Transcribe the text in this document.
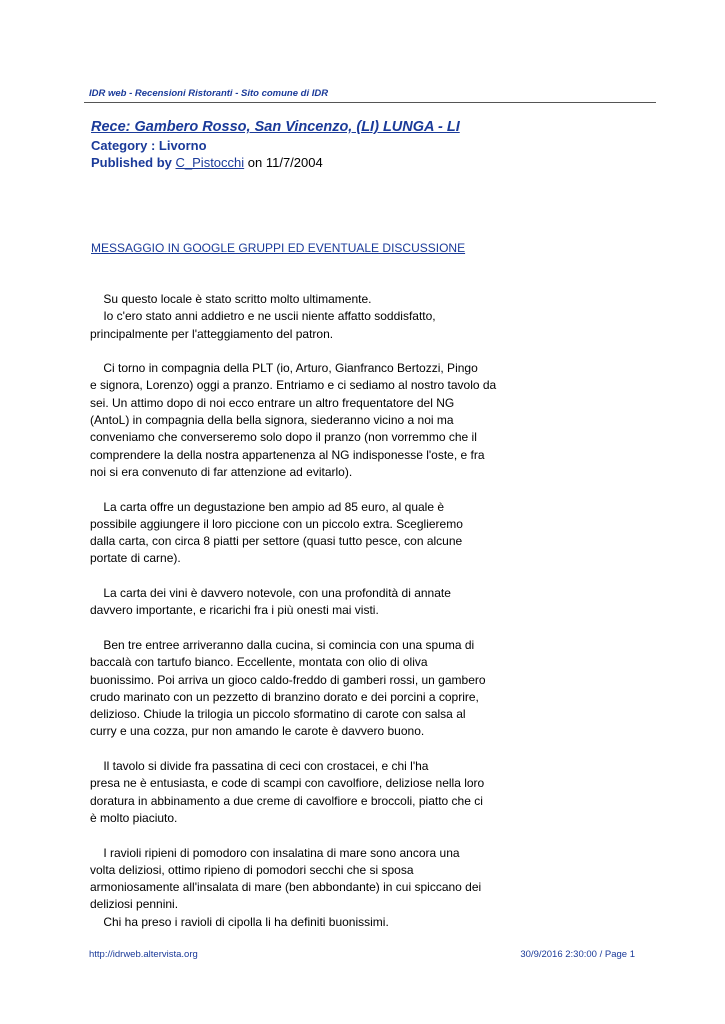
IDR web - Recensioni Ristoranti - Sito comune di IDR
Rece: Gambero Rosso, San Vincenzo, (LI) LUNGA - LI
Category : Livorno
Published by C_Pistocchi on 11/7/2004
MESSAGGIO IN GOOGLE GRUPPI ED EVENTUALE DISCUSSIONE
Su questo locale è stato scritto molto ultimamente.
Io c'ero stato anni addietro e ne uscii niente affatto soddisfatto,
principalmente per l'atteggiamento del patron.
Ci torno in compagnia della PLT (io, Arturo, Gianfranco Bertozzi, Pingo
e signora, Lorenzo) oggi a pranzo. Entriamo e ci sediamo al nostro tavolo da
sei. Un attimo dopo di noi ecco entrare un altro frequentatore del NG
(AntoL) in compagnia della bella signora, siederanno vicino a noi ma
conveniamo che converseremo solo dopo il pranzo (non vorremmo che il
comprendere la della nostra appartenenza al NG indisponesse l'oste, e fra
noi si era convenuto di far attenzione ad evitarlo).
La carta offre un degustazione ben ampio ad 85 euro, al quale è
possibile aggiungere il loro piccione con un piccolo extra. Sceglieremo
dalla carta, con circa 8 piatti per settore (quasi tutto pesce, con alcune
portate di carne).
La carta dei vini è davvero notevole, con una profondità di annate
davvero importante, e ricarichi fra i più onesti mai visti.
Ben tre entree arriveranno dalla cucina, si comincia con una spuma di
baccalà con tartufo bianco. Eccellente, montata con olio di oliva
buonissimo. Poi arriva un gioco caldo-freddo di gamberi rossi, un gambero
crudo marinato con un pezzetto di branzino dorato e dei porcini a coprire,
delizioso. Chiude la trilogia un piccolo sformatino di carote con salsa al
curry e una cozza, pur non amando le carote è davvero buono.
Il tavolo si divide fra passatina di ceci con crostacei, e chi l'ha
presa ne è entusiasta, e code di scampi con cavolfiore, deliziose nella loro
doratura in abbinamento a due creme di cavolfiore e broccoli, piatto che ci
è molto piaciuto.
I ravioli ripieni di pomodoro con insalatina di mare sono ancora una
volta deliziosi, ottimo ripieno di pomodori secchi che si sposa
armoniosamente all'insalata di mare (ben abbondante) in cui spiccano dei
deliziosi pennini.
Chi ha preso i ravioli di cipolla li ha definiti buonissimi.
http://idrweb.altervista.org	30/9/2016 2:30:00 / Page 1
